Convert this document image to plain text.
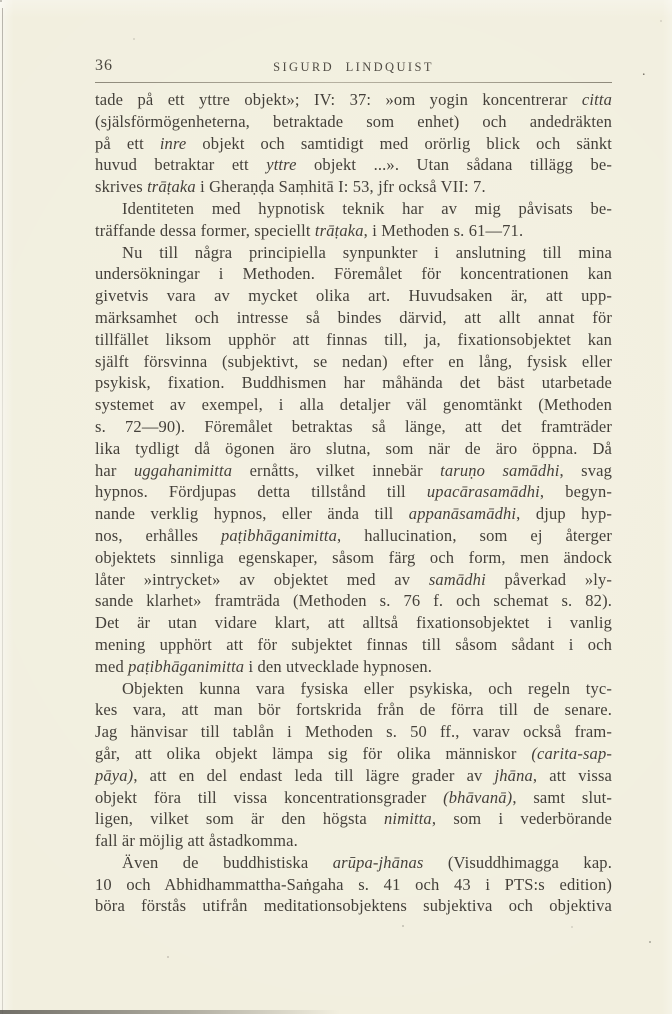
36	SIGURD LINDQUIST	.
tade på ett yttre objekt»; IV: 37: »om yogin koncentrerar citta
(själsförmögenheterna, betraktade som enhet) och andedräkten
på ett inre objekt och samtidigt med orörlig blick och sänkt
huvud betraktar ett yttre objekt ...». Utan sådana tillägg be-
skrives trāṭaka i Gheraṇḍa Saṃhitā I: 53, jfr också VII: 7.
Identiteten med hypnotisk teknik har av mig påvisats be-
träffande dessa former, speciellt trāṭaka, i Methoden s. 61—71.
Nu till några principiella synpunkter i anslutning till mina
undersökningar i Methoden. Föremålet för koncentrationen kan
givetvis vara av mycket olika art. Huvudsaken är, att upp-
märksamhet och intresse så bindes därvid, att allt annat för
tillfället liksom upphör att finnas till, ja, fixationsobjektet kan
själft försvinna (subjektivt, se nedan) efter en lång, fysisk eller
psykisk, fixation. Buddhismen har måhända det bäst utarbetade
systemet av exempel, i alla detaljer väl genomtänkt (Methoden
s. 72—90). Föremålet betraktas så länge, att det framträder
lika tydligt då ögonen äro slutna, som när de äro öppna. Då
har uggahanimitta ernåtts, vilket innebär taruṇo samādhi, svag
hypnos. Fördjupas detta tillstånd till upacārasamādhi, begyn-
nande verklig hypnos, eller ända till appanāsamādhi, djup hyp-
nos, erhålles paṭibhāganimitta, hallucination, som ej återger
objektets sinnliga egenskaper, såsom färg och form, men ändock
låter »intrycket» av objektet med av samādhi påverkad »ly-
sande klarhet» framträda (Methoden s. 76 f. och schemat s. 82).
Det är utan vidare klart, att alltså fixationsobjektet i vanlig
mening upphört att för subjektet finnas till såsom sådant i och
med paṭibhāganimitta i den utvecklade hypnosen.
Objekten kunna vara fysiska eller psykiska, och regeln tyc-
kes vara, att man bör fortskrida från de förra till de senare.
Jag hänvisar till tablån i Methoden s. 50 ff., varav också fram-
går, att olika objekt lämpa sig för olika människor (carita-sap-
pāya), att en del endast leda till lägre grader av jhāna, att vissa
objekt föra till vissa koncentrationsgrader (bhāvanā), samt slut-
ligen, vilket som är den högsta nimitta, som i vederbörande
fall är möjlig att åstadkomma.
Även de buddhistiska arūpa-jhānas (Visuddhimagga kap.
10 och Abhidhammattha-Saṅgaha s. 41 och 43 i PTS:s edition)
böra förstås utifrån meditationsobjektens subjektiva och objektiva
